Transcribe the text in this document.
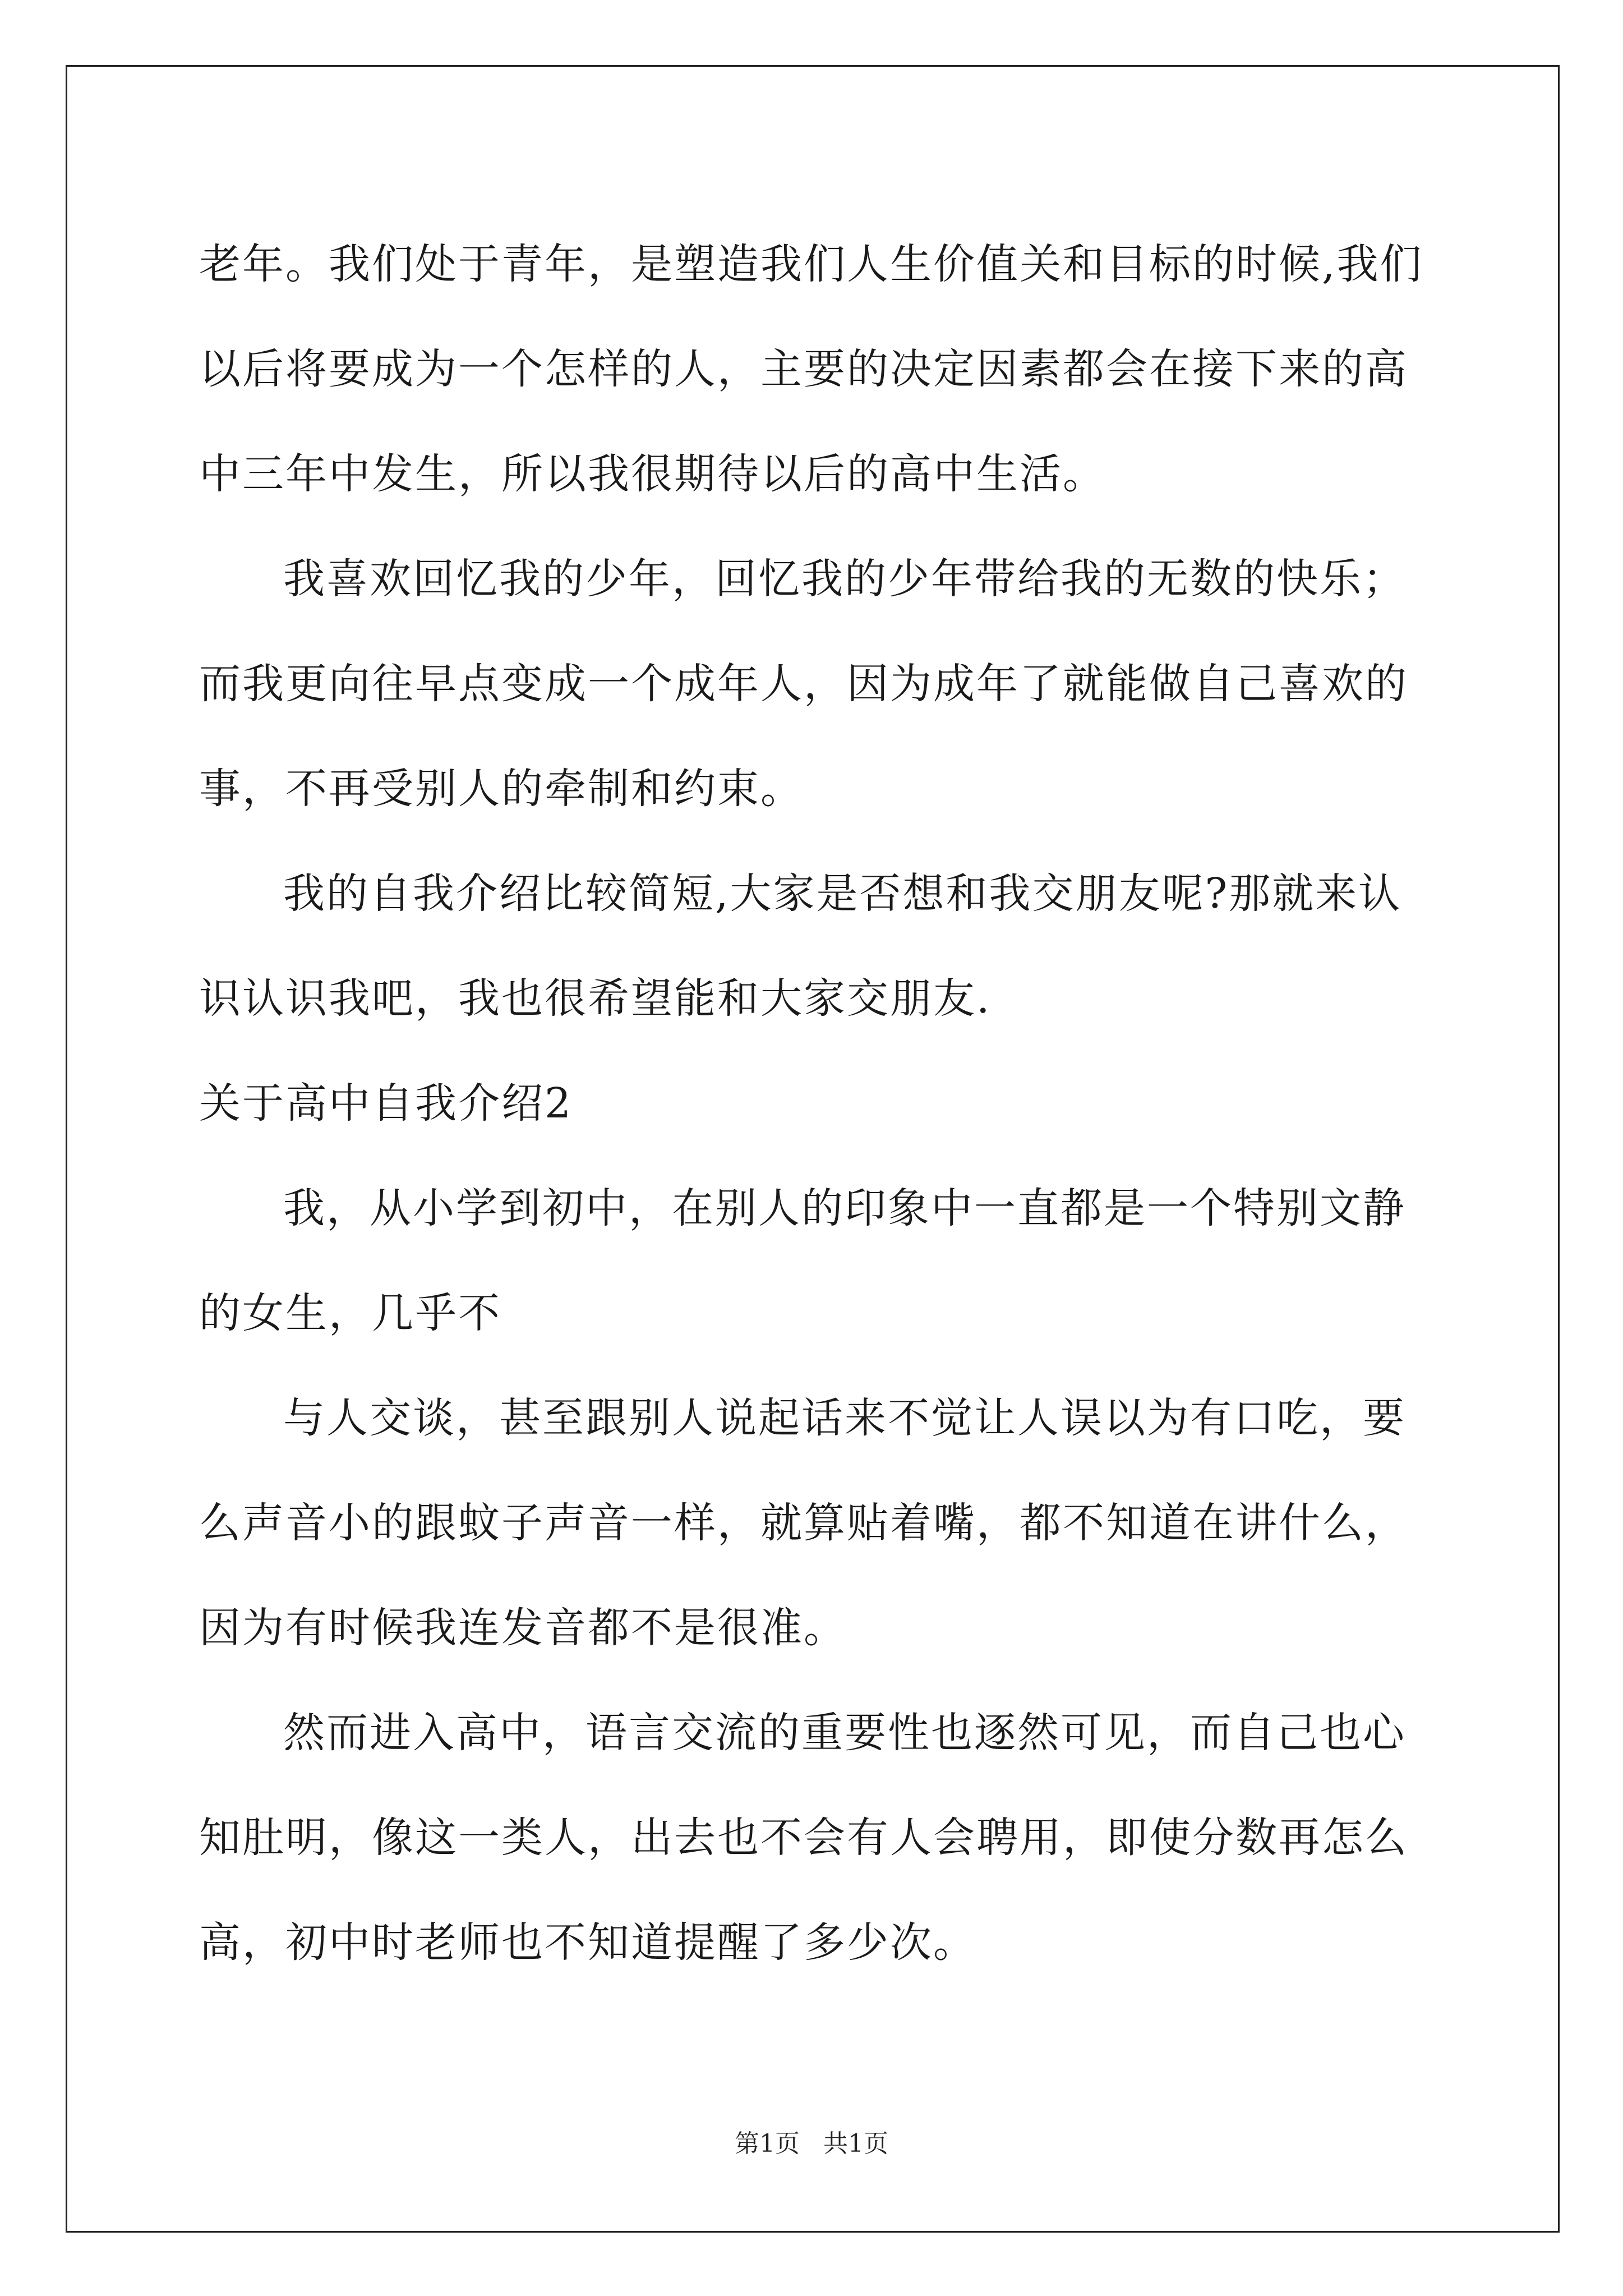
老年。我们处于青年，是塑造我们人生价值关和目标的时候,我们以后将要成为一个怎样的人，主要的决定因素都会在接下来的高中三年中发生，所以我很期待以后的高中生活。

我喜欢回忆我的少年，回忆我的少年带给我的无数的快乐；而我更向往早点变成一个成年人，因为成年了就能做自己喜欢的事，不再受别人的牵制和约束。

我的自我介绍比较简短,大家是否想和我交朋友呢?那就来认识认识我吧，我也很希望能和大家交朋友.

关于高中自我介绍2

我，从小学到初中，在别人的印象中一直都是一个特别文静的女生，几乎不

与人交谈，甚至跟别人说起话来不觉让人误以为有口吃，要么声音小的跟蚊子声音一样，就算贴着嘴，都不知道在讲什么，因为有时候我连发音都不是很准。

然而进入高中，语言交流的重要性也逐然可见，而自己也心知肚明，像这一类人，出去也不会有人会聘用，即使分数再怎么高，初中时老师也不知道提醒了多少次。

第1页   共1页
